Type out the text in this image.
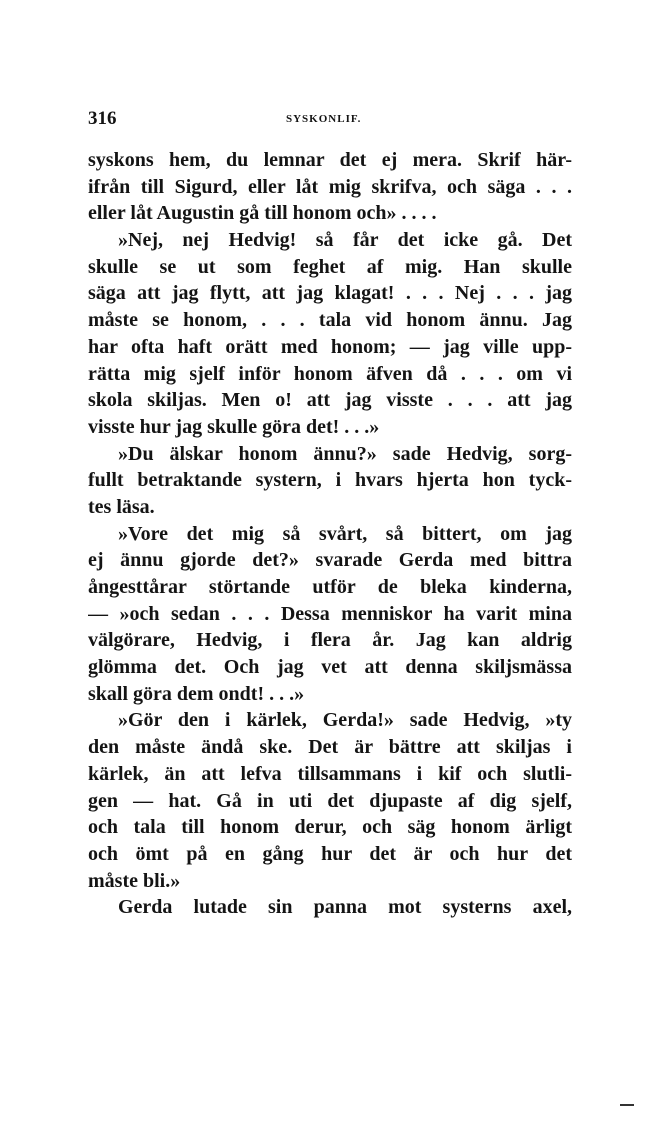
316	SYSKONLIF.
syskons hem, du lemnar det ej mera. Skrif här-
ifrån till Sigurd, eller låt mig skrifva, och säga . . .
eller låt Augustin gå till honom och» . . . .
»Nej, nej Hedvig! så får det icke gå. Det
skulle se ut som feghet af mig. Han skulle
säga att jag flytt, att jag klagat! . . . Nej . . . jag
måste se honom, . . . tala vid honom ännu. Jag
har ofta haft orätt med honom; — jag ville upp-
rätta mig sjelf inför honom äfven då . . . om vi
skola skiljas. Men o! att jag visste . . . att jag
visste hur jag skulle göra det! . . .»
»Du älskar honom ännu?» sade Hedvig, sorg-
fullt betraktande systern, i hvars hjerta hon tyck-
tes läsa.
»Vore det mig så svårt, så bittert, om jag
ej ännu gjorde det?» svarade Gerda med bittra
ångesttårar störtande utför de bleka kinderna,
— »och sedan . . . Dessa menniskor ha varit mina
välgörare, Hedvig, i flera år. Jag kan aldrig
glömma det. Och jag vet att denna skiljsmässa
skall göra dem ondt! . . .»
»Gör den i kärlek, Gerda!» sade Hedvig, »ty
den måste ändå ske. Det är bättre att skiljas i
kärlek, än att lefva tillsammans i kif och slutli-
gen — hat. Gå in uti det djupaste af dig sjelf,
och tala till honom derur, och säg honom ärligt
och ömt på en gång hur det är och hur det
måste bli.»
Gerda lutade sin panna mot systerns axel,
